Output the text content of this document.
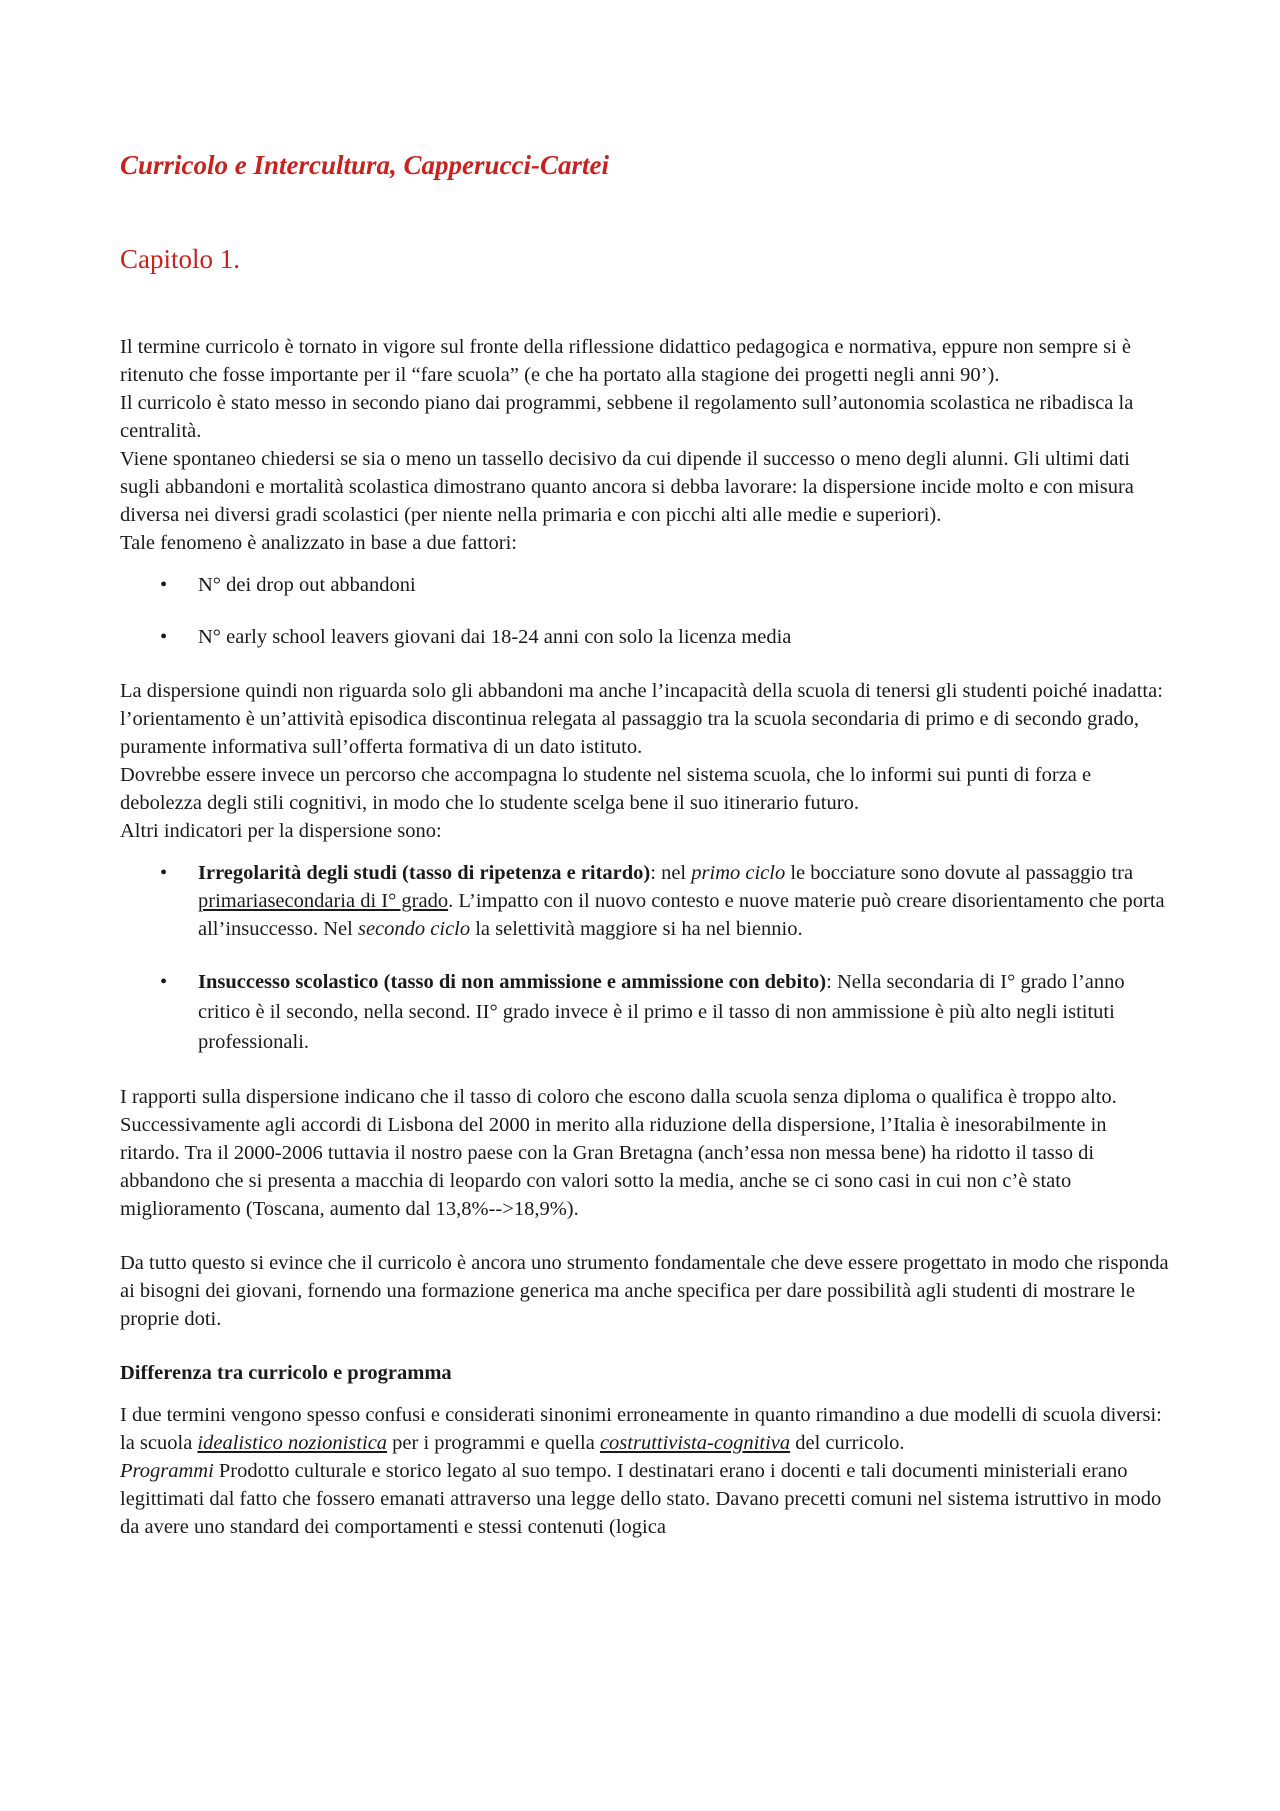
Curricolo e Intercultura, Capperucci-Cartei
Capitolo 1.

Il termine curricolo è tornato in vigore sul fronte della riflessione didattico pedagogica e normativa, eppure non sempre si è ritenuto che fosse importante per il “fare scuola” (e che ha portato alla stagione dei progetti negli anni 90’).

Il curricolo è stato messo in secondo piano dai programmi, sebbene il regolamento sull’autonomia scolastica ne ribadisca la centralità.

Viene spontaneo chiedersi se sia o meno un tassello decisivo da cui dipende il successo o meno degli alunni. Gli ultimi dati sugli abbandoni e mortalità scolastica dimostrano quanto ancora si debba lavorare: la dispersione incide molto e con misura diversa nei diversi gradi scolastici (per niente nella primaria e con picchi alti alle medie e superiori).

Tale fenomeno è analizzato in base a due fattori:

• N° dei drop out abbandoni
• N° early school leavers giovani dai 18-24 anni con solo la licenza media

La dispersione quindi non riguarda solo gli abbandoni ma anche l’incapacità della scuola di tenersi gli studenti poiché inadatta: l’orientamento è un’attività episodica discontinua relegata al passaggio tra la scuola secondaria di primo e di secondo grado, puramente informativa sull’offerta formativa di un dato istituto.

Dovrebbe essere invece un percorso che accompagna lo studente nel sistema scuola, che lo informi sui punti di forza e debolezza degli stili cognitivi, in modo che lo studente scelga bene il suo itinerario futuro.

Altri indicatori per la dispersione sono:

• Irregolarità degli studi (tasso di ripetenza e ritardo): nel primo ciclo le bocciature sono dovute al passaggio tra primariasecondaria di I° grado. L’impatto con il nuovo contesto e nuove materie può creare disorientamento che porta all’insuccesso. Nel secondo ciclo la selettività maggiore si ha nel biennio.
• Insuccesso scolastico (tasso di non ammissione e ammissione con debito): Nella secondaria di I° grado l’anno critico è il secondo, nella second. II° grado invece è il primo e il tasso di non ammissione è più alto negli istituti professionali.

I rapporti sulla dispersione indicano che il tasso di coloro che escono dalla scuola senza diploma o qualifica è troppo alto. Successivamente agli accordi di Lisbona del 2000 in merito alla riduzione della dispersione, l’Italia è inesorabilmente in ritardo. Tra il 2000-2006 tuttavia il nostro paese con la Gran Bretagna (anch’essa non messa bene) ha ridotto il tasso di abbandono che si presenta a macchia di leopardo con valori sotto la media, anche se ci sono casi in cui non c’è stato miglioramento (Toscana, aumento dal 13,8%-->18,9%).

Da tutto questo si evince che il curricolo è ancora uno strumento fondamentale che deve essere progettato in modo che risponda ai bisogni dei giovani, fornendo una formazione generica ma anche specifica per dare possibilità agli studenti di mostrare le proprie doti.

Differenza tra curricolo e programma

I due termini vengono spesso confusi e considerati sinonimi erroneamente in quanto rimandino a due modelli di scuola diversi: la scuola idealistico nozionistica per i programmi e quella costruttivista-cognitiva del curricolo.

Programmi Prodotto culturale e storico legato al suo tempo. I destinatari erano i docenti e tali documenti ministeriali erano legittimati dal fatto che fossero emanati attraverso una legge dello stato. Davano precetti comuni nel sistema istruttivo in modo da avere uno standard dei comportamenti e stessi contenuti (logica
